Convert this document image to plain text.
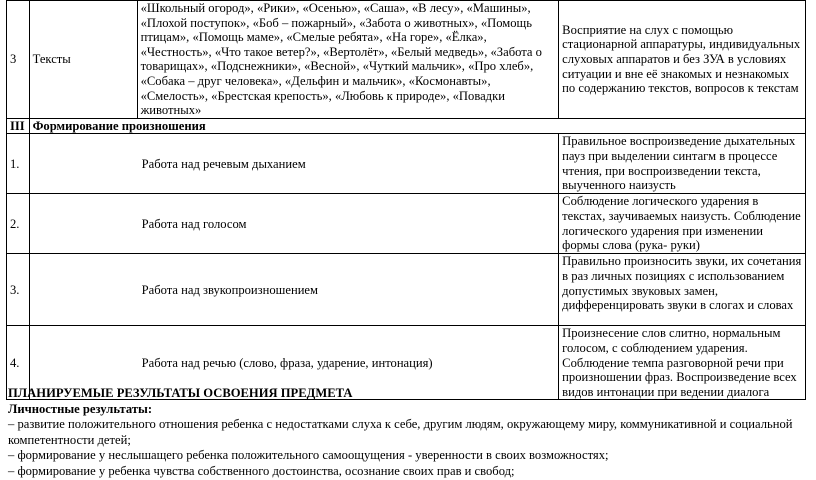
3	Тексты	«Школьный огород», «Рики», «Осенью», «Саша», «В лесу», «Машины», «Плохой поступок», «Боб – пожарный», «Забота о животных», «Помощь птицам», «Помощь маме», «Смелые ребята», «На горе», «Ёлка», «Честность», «Что такое ветер?», «Вертолёт», «Белый медведь», «Забота о товарищах», «Подснежники», «Весной», «Чуткий мальчик», «Про хлеб», «Собака – друг человека», «Дельфин и мальчик», «Космонавты», «Смелость», «Брестская крепость», «Любовь к природе», «Повадки животных»	Восприятие на слух с помощью стационарной аппаратуры, индивидуальных слуховых аппаратов и без ЗУА в условиях ситуации и вне её знакомых и незнакомых по содержанию текстов, вопросов к текстам
III	Формирование произношения		
1.	Работа над речевым дыханием		Правильное воспроизведение дыхательных пауз при выделении синтагм в процессе чтения, при воспроизведении текста, выученного наизусть
2.	Работа над голосом		Соблюдение логического ударения в текстах, заучиваемых наизусть. Соблюдение логического ударения при изменении формы слова (рука- руки)
3.	Работа над звукопроизношением		Правильно произносить звуки, их сочетания в раз личных позициях с использованием допустимых звуковых замен, дифференцировать звуки в слогах и словах
4.	Работа над речью (слово, фраза, ударение, интонация)		Произнесение слов слитно, нормальным голосом, с соблюдением ударения. Соблюдение темпа разговорной речи при произношении фраз. Воспроизведение всех видов интонации при ведении диалога

ПЛАНИРУЕМЫЕ РЕЗУЛЬТАТЫ ОСВОЕНИЯ ПРЕДМЕТА

Личностные результаты:

– развитие положительного отношения ребенка с недостатками слуха к себе, другим людям, окружающему миру, коммуникативной и социальной компетентности детей;

– формирование у неслышащего ребенка положительного самоощущения - уверенности в своих возможностях;

– формирование у ребенка чувства собственного достоинства, осознание своих прав и свобод;
